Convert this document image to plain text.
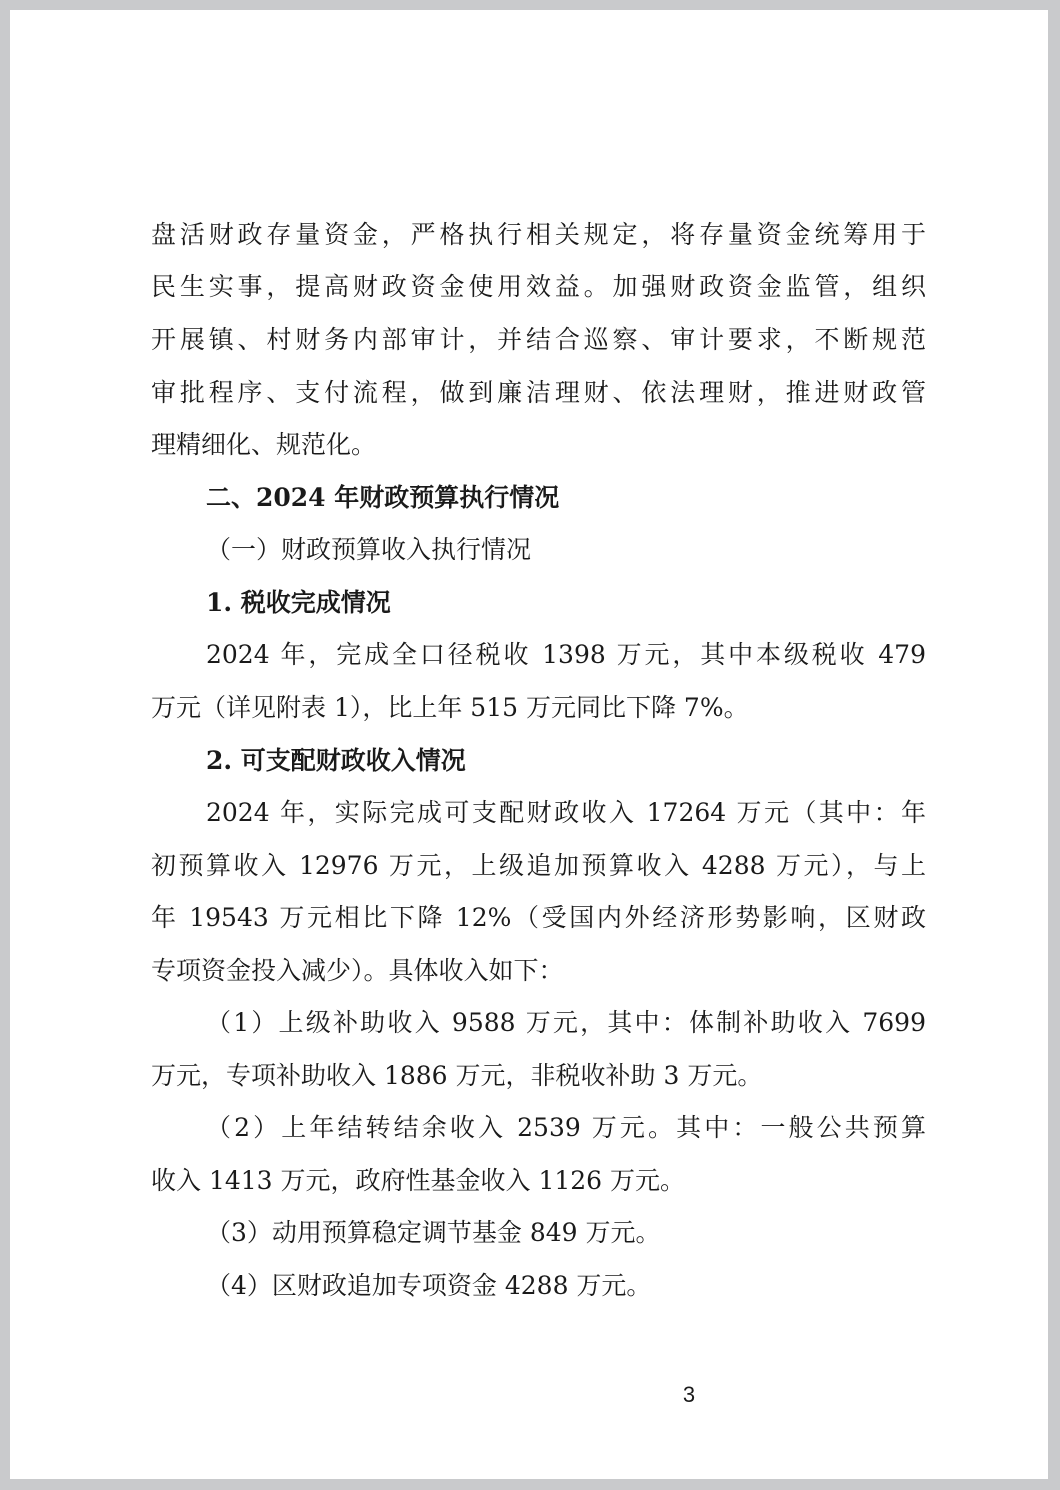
盘活财政存量资金，严格执行相关规定，将存量资金统筹用于
民生实事，提高财政资金使用效益。加强财政资金监管，组织
开展镇、村财务内部审计，并结合巡察、审计要求，不断规范
审批程序、支付流程，做到廉洁理财、依法理财，推进财政管
理精细化、规范化。
二、2024 年财政预算执行情况
（一）财政预算收入执行情况
1. 税收完成情况
2024 年，完成全口径税收 1398 万元，其中本级税收 479
万元（详见附表 1），比上年 515 万元同比下降 7%。
2. 可支配财政收入情况
2024 年，实际完成可支配财政收入 17264 万元（其中：年
初预算收入 12976 万元，上级追加预算收入 4288 万元），与上
年 19543 万元相比下降 12%（受国内外经济形势影响，区财政
专项资金投入减少）。具体收入如下：
（1）上级补助收入 9588 万元，其中：体制补助收入 7699
万元，专项补助收入 1886 万元，非税收补助 3 万元。
（2）上年结转结余收入 2539 万元。其中：一般公共预算
收入 1413 万元，政府性基金收入 1126 万元。
（3）动用预算稳定调节基金 849 万元。
（4）区财政追加专项资金 4288 万元。
3
